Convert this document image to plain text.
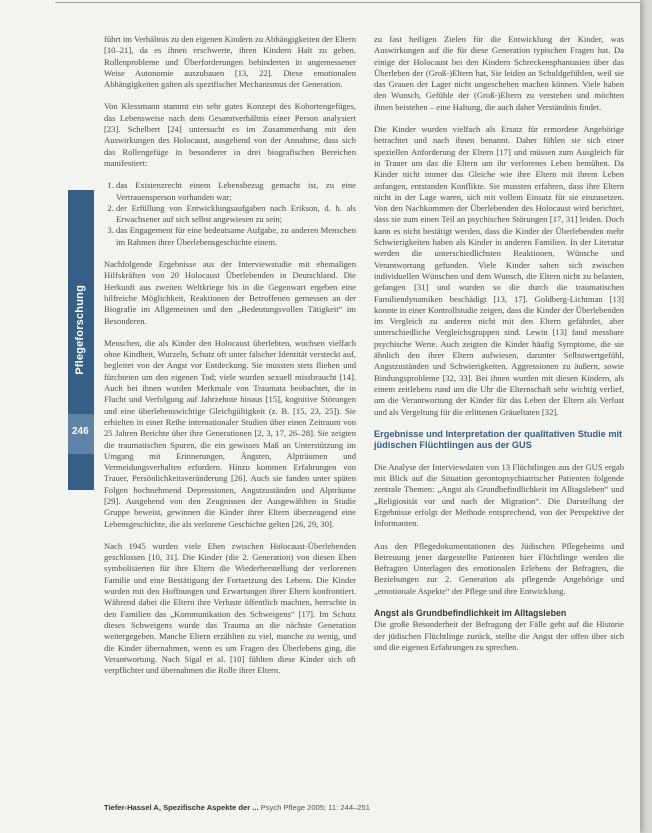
Pflegeforschung
246

führt im Verhältnis zu den eigenen Kindern zu Abhängigkeiten der Eltern [10–21], da es ihnen erschwerte, ihren Kindern Halt zu geben. Rollenprobleme und Überforderungen behinderten in angemessener Weise Autonomie auszubauen [13, 22]. Diese emotionalen Abhängigkeiten galten als spezifischer Mechanismus der Generation.

Von Klessmann stammt ein sehr gutes Konzept des Kohortengefüges, das Lebensweise nach dem Gesamtverhältnis einer Person analysiert [23]. Schelbert [24] untersucht es im Zusammenhang mit den Auswirkungen des Holocaust, ausgehend von der Annahme, dass sich das Rollengefüge in besonderer in drei biografischen Bereichen manifestiert:

1. das Existenzrecht einem Lebensbezug gemacht ist, zu eine Vertrauensperson vorhanden war;
2. der Erfüllung von Entwicklungsaufgaben nach Erikson, d. h. als Erwachsener auf sich selbst angewiesen zu sein;
3. das Engagement für eine bedeutsame Aufgabe, zu anderen Menschen im Rahmen ihrer Überlebensgeschichte einem.

Nachfolgende Ergebnisse aus der Interviewstudie mit ehemaligen Hilfskräften von 20 Holocaust Überlebenden in Deutschland. Die Herkunft aus zweiten Weltkriege bis in die Gegenwart ergeben eine hilfreiche Möglichkeit, Reaktionen der Betroffenen gemessen an der Biografie im Allgemeinen und den „Bedeutungsvollen Tätigkeit“ im Besonderen.

Menschen, die als Kinder den Holocaust überlebten, wuchsen vielfach ohne Kindheit, Wurzeln, Schutz oft unter falscher Identität versteckt auf, begleitet von der Angst vor Entdeckung. Sie mussten stets fliehen und fürchteten um den eigenen Tod; viele wurden sexuell missbraucht [14]. Auch bei ihnen wurden Merkmale von Traumata beobachtet, die in Flucht und Verfolgung auf Jahrzehnte hinaus [15], kognitive Störungen und eine überlebenswichtige Gleichgültigkeit (z. B. [15, 23, 25]). Sie erhielten in einer Reihe internationaler Studien über einen Zeitraum von 25 Jahren Berichte über ihre Generationen [2, 3, 17, 26–28]. Sie zeigten die traumatischen Spuren, die ein gewisses Maß an Unterstützung im Umgang mit Erinnerungen, Ängsten, Alpträumen und Vermeidungsverhalten erfordern. Hinzu kommen Erfahrungen von Trauer, Persönlichkeitsveränderung [26]. Auch sie fanden unter späten Folgen hochnehmend Depressionen, Angstzuständen und Alpträume [29]. Ausgehend von den Zeugnissen der Ausgewählten in Studie Gruppe beweist, gewinnen die Kinder ihrer Eltern überzeugend eine Lebensgeschichte, die als verlorene Geschichte gelten [26, 29, 30].

Nach 1945 wurden viele Ehen zwischen Holocaust-Überlebenden geschlossen [10, 31]. Die Kinder (die 2. Generation) von diesen Ehen symbolisierten für ihre Eltern die Wiederherstellung der verlorenen Familie und eine Bestätigung der Fortsetzung des Lebens. Die Kinder wurden mit den Hoffnungen und Erwartungen ihrer Eltern konfrontiert. Während dabei die Eltern ihre Verluste öffentlich machten, herrschte in den Familien das „Kommunikation des Schweigens“ [17]. Im Schutz dieses Schweigens wurde das Trauma an die nächste Generation weitergegeben. Manche Eltern erzählten zu viel, manche zu wenig, und die Kinder übernahmen, wenn es um Fragen des Überlebens ging, die Verantwortung. Nach Sigal et al. [10] fühlten diese Kinder sich oft verpflichtet und übernahmen die Rolle ihrer Eltern.

zu fast heiligen Zielen für die Entwicklung der Kinder, was Auswirkungen auf die für diese Generation typischen Fragen hat. Da einige der Holocaust bei den Kindern Schreckensphantasien über das Überleben der (Groß-)Eltern hat, Sie leiden an Schuldgefühlen, weil sie das Grauen der Lager nicht ungeschehen machen können. Viele haben den Wunsch, Gefühle der (Groß-)Eltern zu verstehen und möchten ihnen beistehen – eine Haltung, die auch daher Verständnis findet.

Die Kinder wurden vielfach als Ersatz für ermordete Angehörige betrachtet und nach ihnen benannt. Daher fühlen sie sich einer speziellen Anforderung der Eltern [17] und müssen zum Ausgleich für in Trauer um das die Eltern um ihr verlorenes Leben bemühen. Da Kinder nicht immer das Gleiche wie ihre Eltern mit ihrem Leben anfangen, entstanden Konflikte. Sie mussten erfahren, dass ihre Eltern nicht in der Lage waren, sich mit vollem Einsatz für sie einzusetzen. Von den Nachkommen der Überlebenden des Holocaust wird berichtet, dass sie zum einen Teil an psychischen Störungen [17, 31] leiden. Doch kann es nicht bestätigt werden, dass die Kinder der Überlebenden mehr Schwierigkeiten haben als Kinder in anderen Familien. In der Literatur werden die unterschiedlichsten Reaktionen, Wünsche und Verantwortung gefunden. Viele Kinder sahen sich zwischen individuellen Wünschen und dem Wunsch, die Eltern nicht zu belasten, gefangen [31] und wurden so die durch die traumatischen Familiendynamiken beschädigt [13, 17]. Goldberg-Lichtman [13] konnte in einer Kontrollstudie zeigen, dass die Kinder der Überlebenden im Vergleich zu anderen nicht mit den Eltern gefährdet, aber unterschiedliche Vergleichsgruppen sind. Lewin [13] fand messbare psychische Werte. Auch zeigten die Kinder häufig Symptome, die sie ähnlich den ihrer Eltern aufwiesen, darunter Selbstwertgefühl, Angstzuständen und Schwierigkeiten. Aggressionen zu äußern, sowie Bindungsprobleme [32, 33]. Bei ihnen wurden mit diesen Kindern, als einem zeitlebens rund um die Uhr die Elternschaft sehr wichtig verlief, um die Verantwortung der Kinder für das Leben der Eltern als Verlust und als Vergeltung für die erlittenen Gräueltaten [32].

Ergebnisse und Interpretation der qualitativen Studie mit jüdischen Flüchtlingen aus der GUS

Die Analyse der Interviewdaten von 13 Flüchtlingen aus der GUS ergab mit Blick auf die Situation gerontopsychiatrischer Patienten folgende zentrale Themen: „Angst als Grundbefindlichkeit im Alltagsleben“ und „Religiosität vor und nach der Migration“. Die Darstellung der Ergebnisse erfolgt der Methode entsprechend, von der Perspektive der Informanten.

Aus den Pflegedokumentationen des Jüdischen Pflegeheims und Betreuung jener dargestellte Patienten hier Flüchtlinge werden die Befragten Unterlagen des emotionalen Erlebens der Befragten, die Beziehungen zur 2. Generation als pflegende Angehörige und „emotionale Aspekte“ der Pflege und ihre Entwicklung.

Angst als Grundbefindlichkeit im Alltagsleben

Die große Besonderheit der Befragung der Fälle geht auf die Historie der jüdischen Flüchtlinge zurück, stellte die Angst der offen über sich und die eigenen Erfahrungen zu sprechen.

Tiefer-Hassel A, Spezifische Aspekte der ... Psych Pflege 2005; 11: 244–251
